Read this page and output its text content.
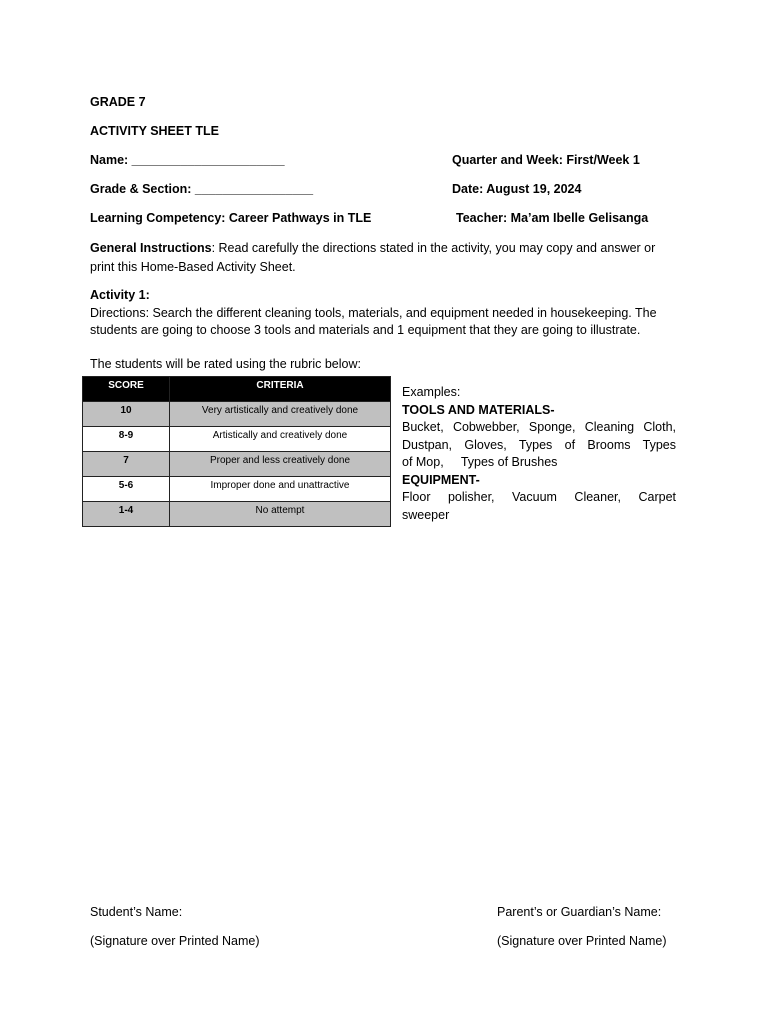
GRADE 7
ACTIVITY SHEET TLE
Name: ______________________	Quarter and Week: First/Week 1
Grade & Section: _________________	Date: August 19, 2024
Learning Competency: Career Pathways in TLE	Teacher: Ma’am Ibelle Gelisanga
General Instructions: Read carefully the directions stated in the activity, you may copy and answer or print this Home-Based Activity Sheet.
Activity 1:
Directions: Search the different cleaning tools, materials, and equipment needed in housekeeping. The students are going to choose 3 tools and materials and 1 equipment that they are going to illustrate.
The students will be rated using the rubric below:
SCORE	CRITERIA
10	Very artistically and creatively done
8-9	Artistically and creatively done
7	Proper and less creatively done
5-6	Improper done and unattractive
1-4	No attempt
Examples:
TOOLS AND MATERIALS-
Bucket, Cobwebber, Sponge, Cleaning Cloth,
Dustpan, Gloves, Types of Brooms Types
of Mop,     Types of Brushes
EQUIPMENT-
Floor polisher, Vacuum Cleaner, Carpet
sweeper
Student’s Name:
(Signature over Printed Name)
Parent’s or Guardian’s Name:
(Signature over Printed Name)
